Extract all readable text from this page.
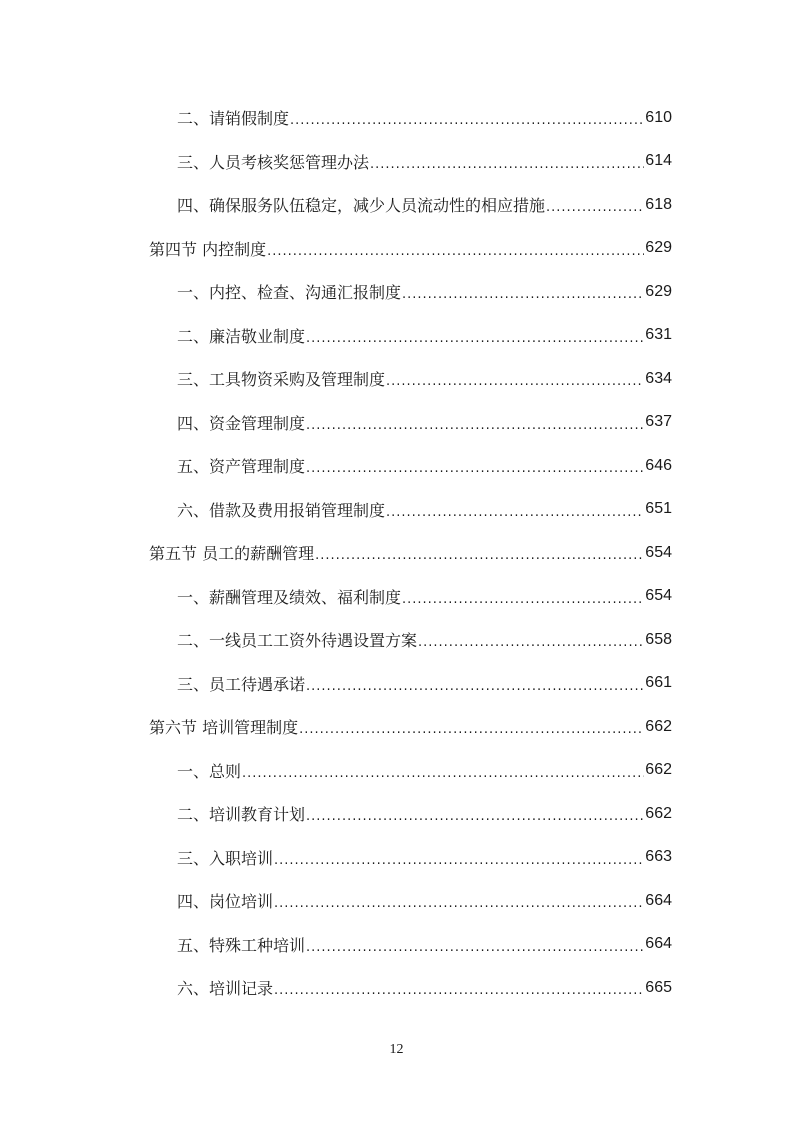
二、请销假制度 .....	610
三、人员考核奖惩管理办法 .....	614
四、确保服务队伍稳定，减少人员流动性的相应措施 .....	618
第四节 内控制度 .....	629
一、内控、检查、沟通汇报制度 .....	629
二、廉洁敬业制度 .....	631
三、工具物资采购及管理制度 .....	634
四、资金管理制度 .....	637
五、资产管理制度 .....	646
六、借款及费用报销管理制度 .....	651
第五节 员工的薪酬管理 .....	654
一、薪酬管理及绩效、福利制度 .....	654
二、一线员工工资外待遇设置方案 .....	658
三、员工待遇承诺 .....	661
第六节 培训管理制度 .....	662
一、总则 .....	662
二、培训教育计划 .....	662
三、入职培训 .....	663
四、岗位培训 .....	664
五、特殊工种培训 .....	664
六、培训记录 .....	665
12
